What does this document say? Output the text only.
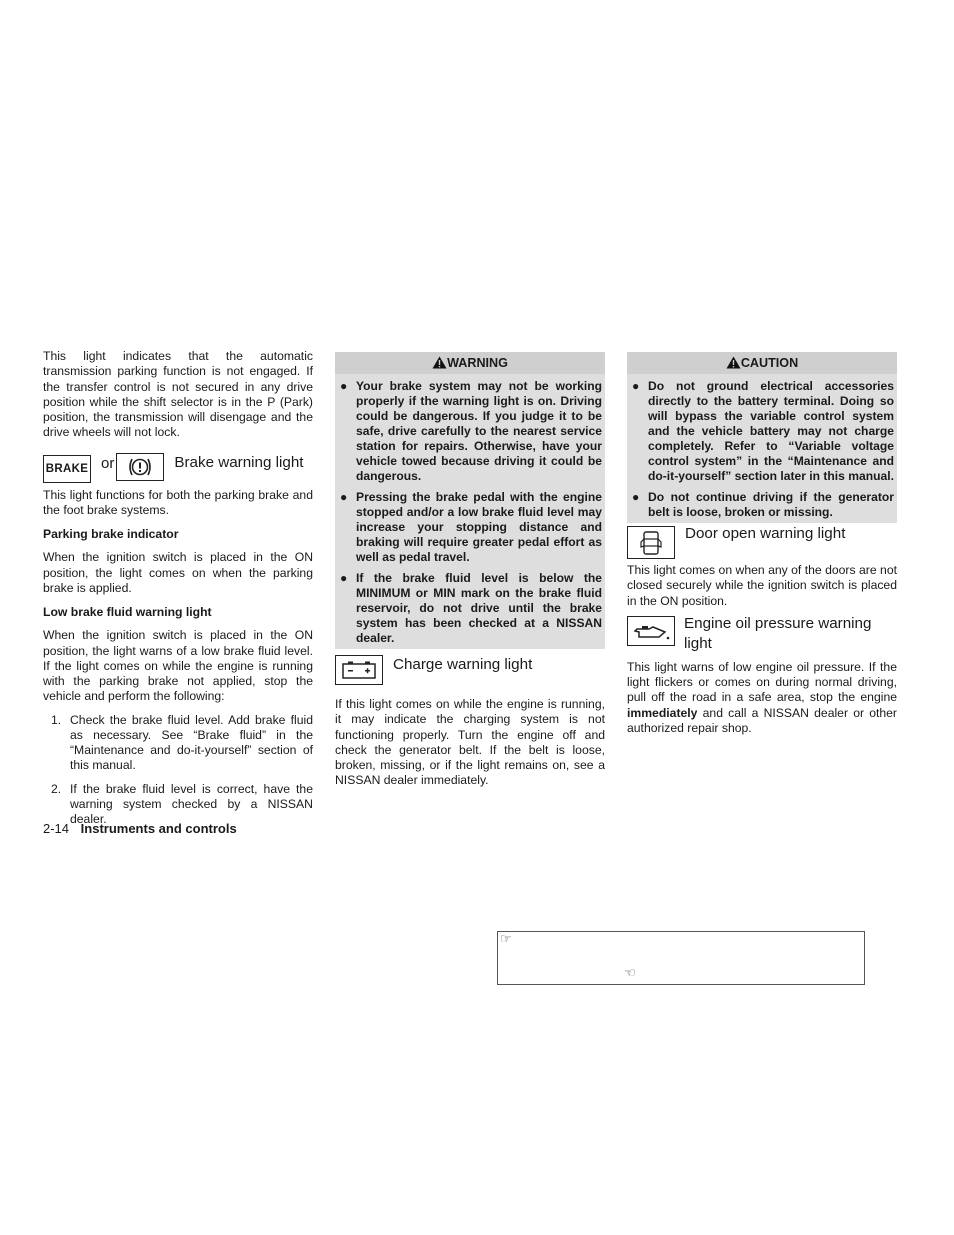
This light indicates that the automatic transmission parking function is not engaged. If the transfer control is not secured in any drive position while the shift selector is in the P (Park) position, the transmission will disengage and the drive wheels will not lock.

BRAKE or	Brake warning light

This light functions for both the parking brake and the foot brake systems.

Parking brake indicator

When the ignition switch is placed in the ON position, the light comes on when the parking brake is applied.

Low brake fluid warning light

When the ignition switch is placed in the ON position, the light warns of a low brake fluid level. If the light comes on while the engine is running with the parking brake not applied, stop the vehicle and perform the following:

1. Check the brake fluid level. Add brake fluid as necessary. See “Brake fluid” in the “Maintenance and do-it-yourself” section of this manual.
2. If the brake fluid level is correct, have the warning system checked by a NISSAN dealer.
WARNING
● Your brake system may not be working properly if the warning light is on. Driving could be dangerous. If you judge it to be safe, drive carefully to the nearest service station for repairs. Otherwise, have your vehicle towed because driving it could be dangerous.
● Pressing the brake pedal with the engine stopped and/or a low brake fluid level may increase your stopping distance and braking will require greater pedal effort as well as pedal travel.
● If the brake fluid level is below the MINIMUM or MIN mark on the brake fluid reservoir, do not drive until the brake system has been checked at a NISSAN dealer.
Charge warning light

If this light comes on while the engine is running, it may indicate the charging system is not functioning properly. Turn the engine off and check the generator belt. If the belt is loose, broken, missing, or if the light remains on, see a NISSAN dealer immediately.

CAUTION
● Do not ground electrical accessories directly to the battery terminal. Doing so will bypass the variable control system and the vehicle battery may not charge completely. Refer to “Variable voltage control system” in the “Maintenance and do-it-yourself” section later in this manual.
● Do not continue driving if the generator belt is loose, broken or missing.
Door open warning light

This light comes on when any of the doors are not closed securely while the ignition switch is placed in the ON position.

Engine oil pressure warning light

This light warns of low engine oil pressure. If the light flickers or comes on during normal driving, pull off the road in a safe area, stop the engine immediately and call a NISSAN dealer or other authorized repair shop.

2-14 Instruments and controls
☞
☜
